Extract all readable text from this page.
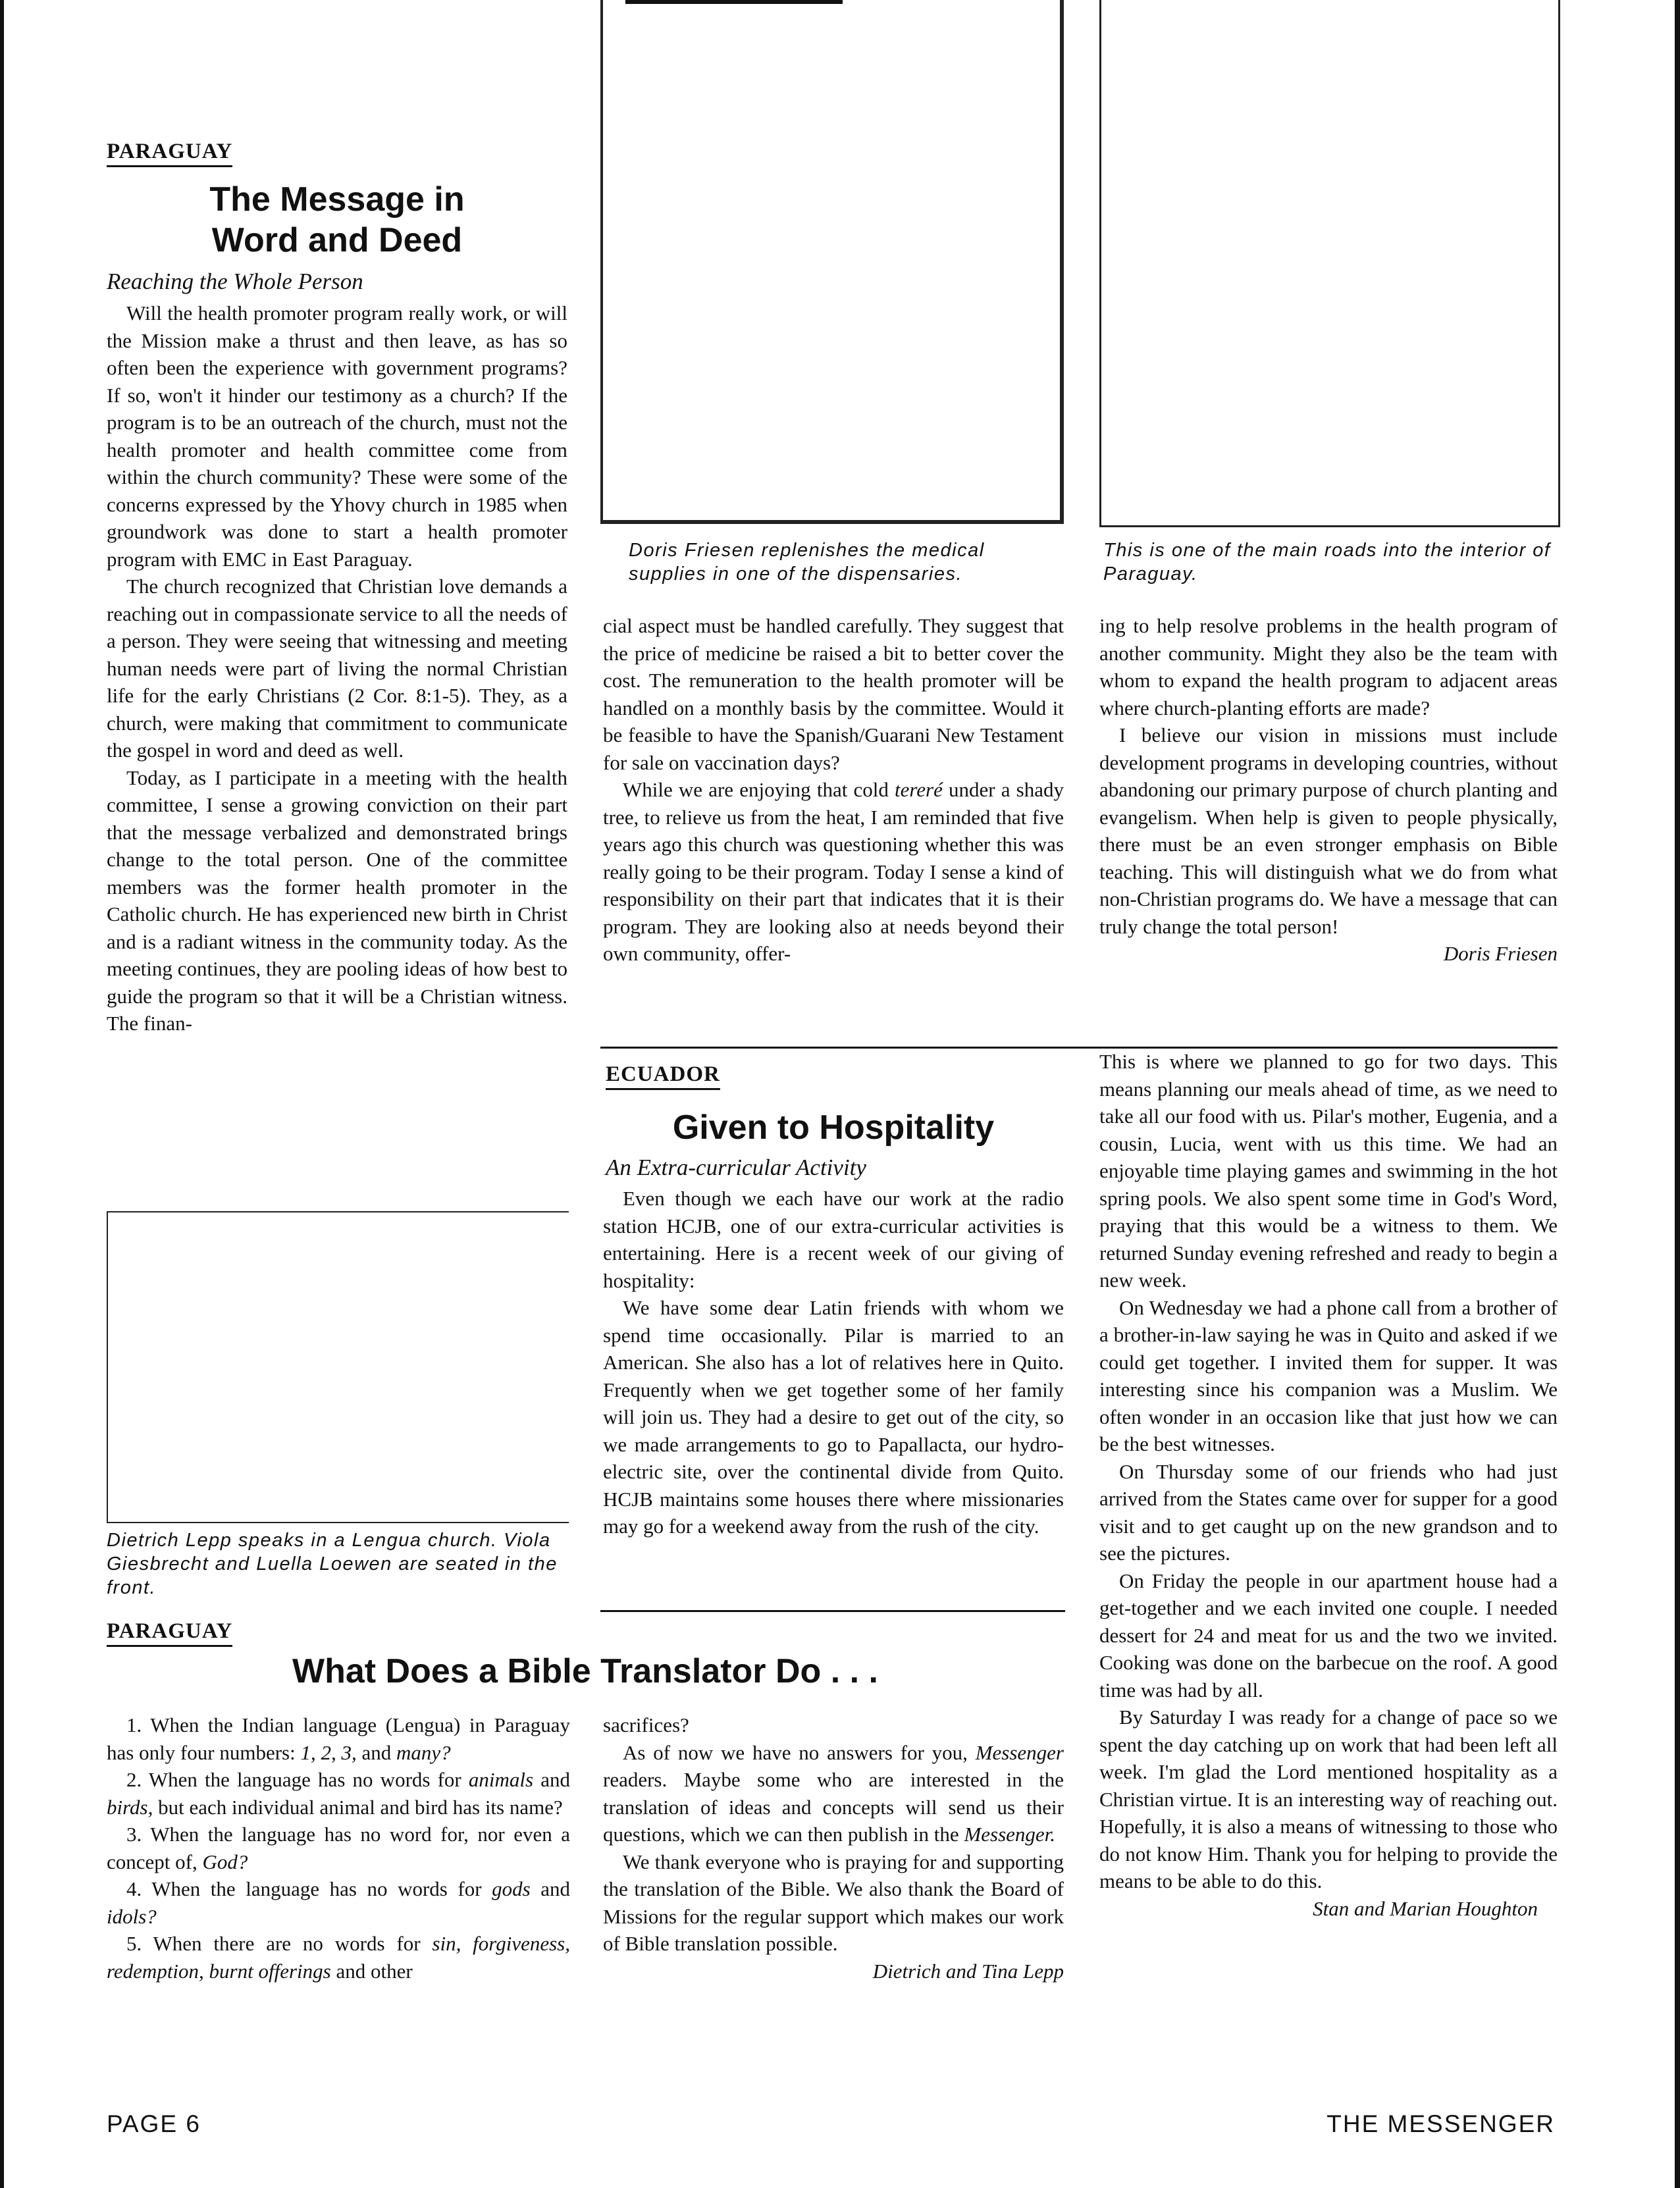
PARAGUAY
The Message in
Word and Deed
Reaching the Whole Person

Will the health promoter program really work, or will the Mission make a thrust and then leave, as has so often been the experience with government programs? If so, won't it hinder our testimony as a church? If the program is to be an outreach of the church, must not the health promoter and health committee come from within the church community? These were some of the concerns expressed by the Yhovy church in 1985 when groundwork was done to start a health promoter program with EMC in East Paraguay.

The church recognized that Christian love demands a reaching out in compassionate service to all the needs of a person. They were seeing that witnessing and meeting human needs were part of living the normal Christian life for the early Christians (2 Cor. 8:1-5). They, as a church, were making that commitment to communicate the gospel in word and deed as well.

Today, as I participate in a meeting with the health committee, I sense a growing conviction on their part that the message verbalized and demonstrated brings change to the total person. One of the committee members was the former health promoter in the Catholic church. He has experienced new birth in Christ and is a radiant witness in the community today. As the meeting continues, they are pooling ideas of how best to guide the program so that it will be a Christian witness. The finan-

Doris Friesen replenishes the medical supplies in one of the dispensaries.
This is one of the main roads into the interior of Paraguay.

cial aspect must be handled carefully. They suggest that the price of medicine be raised a bit to better cover the cost. The remuneration to the health promoter will be handled on a monthly basis by the committee. Would it be feasible to have the Spanish/Guarani New Testament for sale on vaccination days?

While we are enjoying that cold tereré under a shady tree, to relieve us from the heat, I am reminded that five years ago this church was questioning whether this was really going to be their program. Today I sense a kind of responsibility on their part that indicates that it is their program. They are looking also at needs beyond their own community, offer-

ing to help resolve problems in the health program of another community. Might they also be the team with whom to expand the health program to adjacent areas where church-planting efforts are made?

I believe our vision in missions must include development programs in developing countries, without abandoning our primary purpose of church planting and evangelism. When help is given to people physically, there must be an even stronger emphasis on Bible teaching. This will distinguish what we do from what non-Christian programs do. We have a message that can truly change the total person!

Doris Friesen
Dietrich Lepp speaks in a Lengua church. Viola Giesbrecht and Luella Loewen are seated in the front.
ECUADOR
Given to Hospitality
An Extra-curricular Activity

Even though we each have our work at the radio station HCJB, one of our extra-curricular activities is entertaining. Here is a recent week of our giving of hospitality:

We have some dear Latin friends with whom we spend time occasionally. Pilar is married to an American. She also has a lot of relatives here in Quito. Frequently when we get together some of her family will join us. They had a desire to get out of the city, so we made arrangements to go to Papallacta, our hydro-electric site, over the continental divide from Quito. HCJB maintains some houses there where missionaries may go for a weekend away from the rush of the city.

This is where we planned to go for two days. This means planning our meals ahead of time, as we need to take all our food with us. Pilar's mother, Eugenia, and a cousin, Lucia, went with us this time. We had an enjoyable time playing games and swimming in the hot spring pools. We also spent some time in God's Word, praying that this would be a witness to them. We returned Sunday evening refreshed and ready to begin a new week.

On Wednesday we had a phone call from a brother of a brother-in-law saying he was in Quito and asked if we could get together. I invited them for supper. It was interesting since his companion was a Muslim. We often wonder in an occasion like that just how we can be the best witnesses.

On Thursday some of our friends who had just arrived from the States came over for supper for a good visit and to get caught up on the new grandson and to see the pictures.

On Friday the people in our apartment house had a get-together and we each invited one couple. I needed dessert for 24 and meat for us and the two we invited. Cooking was done on the barbecue on the roof. A good time was had by all.

By Saturday I was ready for a change of pace so we spent the day catching up on work that had been left all week. I'm glad the Lord mentioned hospitality as a Christian virtue. It is an interesting way of reaching out. Hopefully, it is also a means of witnessing to those who do not know Him. Thank you for helping to provide the means to be able to do this.

Stan and Marian Houghton
PARAGUAY
What Does a Bible Translator Do . . .

1. When the Indian language (Lengua) in Paraguay has only four numbers: 1, 2, 3, and many?

2. When the language has no words for animals and birds, but each individual animal and bird has its name?

3. When the language has no word for, nor even a concept of, God?

4. When the language has no words for gods and idols?

5. When there are no words for sin, forgiveness, redemption, burnt offerings and other

sacrifices?

As of now we have no answers for you, Messenger readers. Maybe some who are interested in the translation of ideas and concepts will send us their questions, which we can then publish in the Messenger.

We thank everyone who is praying for and supporting the translation of the Bible. We also thank the Board of Missions for the regular support which makes our work of Bible translation possible.

Dietrich and Tina Lepp
PAGE 6	THE MESSENGER
